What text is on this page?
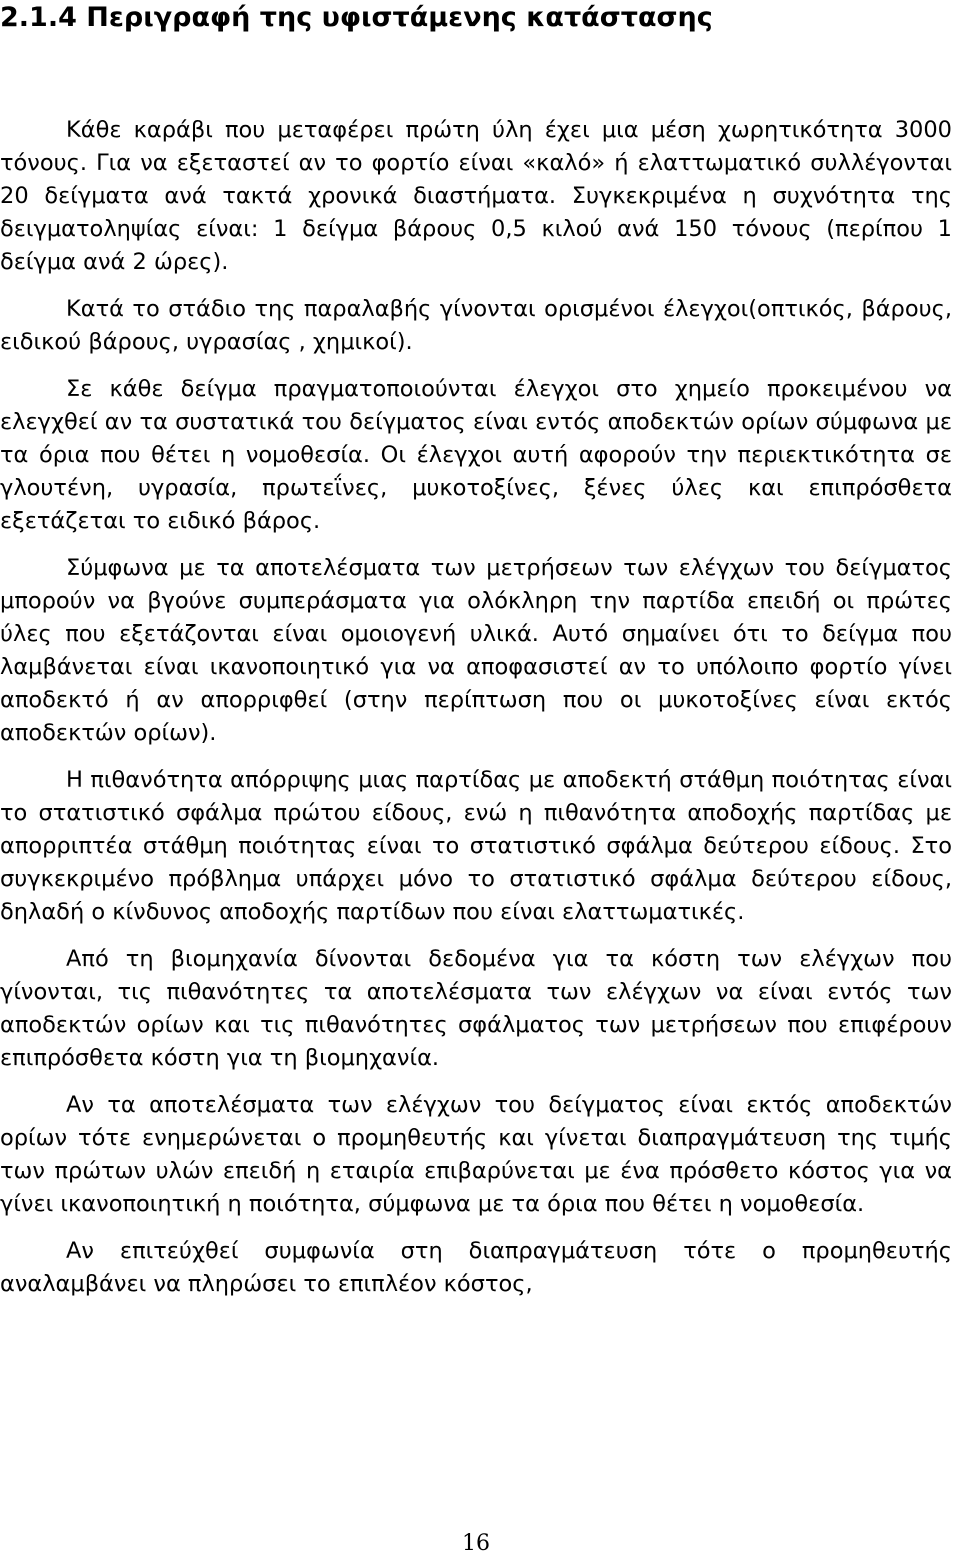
2.1.4 Περιγραφή της υφιστάμενης κατάστασης

Κάθε καράβι που μεταφέρει πρώτη ύλη έχει μια μέση χωρητικότητα 3000 τόνους. Για να εξεταστεί αν το φορτίο είναι «καλό» ή ελαττωματικό συλλέγονται 20 δείγματα ανά τακτά χρονικά διαστήματα. Συγκεκριμένα η συχνότητα της δειγματοληψίας είναι: 1 δείγμα βάρους 0,5 κιλού ανά 150 τόνους (περίπου 1 δείγμα ανά 2 ώρες).

Κατά το στάδιο της παραλαβής γίνονται ορισμένοι έλεγχοι(οπτικός, βάρους, ειδικού βάρους, υγρασίας , χημικοί).

Σε κάθε δείγμα πραγματοποιούνται έλεγχοι στο χημείο προκειμένου να ελεγχθεί αν τα συστατικά του δείγματος είναι εντός αποδεκτών ορίων σύμφωνα με τα όρια που θέτει η νομοθεσία. Οι έλεγχοι αυτή αφορούν την περιεκτικότητα σε γλουτένη, υγρασία, πρωτεΐνες, μυκοτοξίνες, ξένες ύλες και επιπρόσθετα εξετάζεται το ειδικό βάρος.

Σύμφωνα με τα αποτελέσματα των μετρήσεων των ελέγχων του δείγματος μπορούν να βγούνε συμπεράσματα για ολόκληρη την παρτίδα επειδή οι πρώτες ύλες που εξετάζονται είναι ομοιογενή υλικά. Αυτό σημαίνει ότι το δείγμα που λαμβάνεται είναι ικανοποιητικό για να αποφασιστεί αν το υπόλοιπο φορτίο γίνει αποδεκτό ή αν απορριφθεί (στην περίπτωση που οι μυκοτοξίνες είναι εκτός αποδεκτών ορίων).

Η πιθανότητα απόρριψης μιας παρτίδας με αποδεκτή στάθμη ποιότητας είναι το στατιστικό σφάλμα πρώτου είδους, ενώ η πιθανότητα αποδοχής παρτίδας με απορριπτέα στάθμη ποιότητας είναι το στατιστικό σφάλμα δεύτερου είδους. Στο συγκεκριμένο πρόβλημα υπάρχει μόνο το στατιστικό σφάλμα δεύτερου είδους, δηλαδή ο κίνδυνος αποδοχής παρτίδων που είναι ελαττωματικές.

Από τη βιομηχανία δίνονται δεδομένα για τα κόστη των ελέγχων που γίνονται, τις πιθανότητες τα αποτελέσματα των ελέγχων να είναι εντός των αποδεκτών ορίων και τις πιθανότητες σφάλματος των μετρήσεων που επιφέρουν επιπρόσθετα κόστη για τη βιομηχανία.

Αν τα αποτελέσματα των ελέγχων του δείγματος είναι εκτός αποδεκτών ορίων τότε ενημερώνεται ο προμηθευτής και γίνεται διαπραγμάτευση της τιμής των πρώτων υλών επειδή η εταιρία επιβαρύνεται με ένα πρόσθετο κόστος για να γίνει ικανοποιητική η ποιότητα, σύμφωνα με τα όρια που θέτει η νομοθεσία.

Αν επιτεύχθεί συμφωνία στη διαπραγμάτευση τότε ο προμηθευτής αναλαμβάνει να πληρώσει το επιπλέον κόστος,

16
